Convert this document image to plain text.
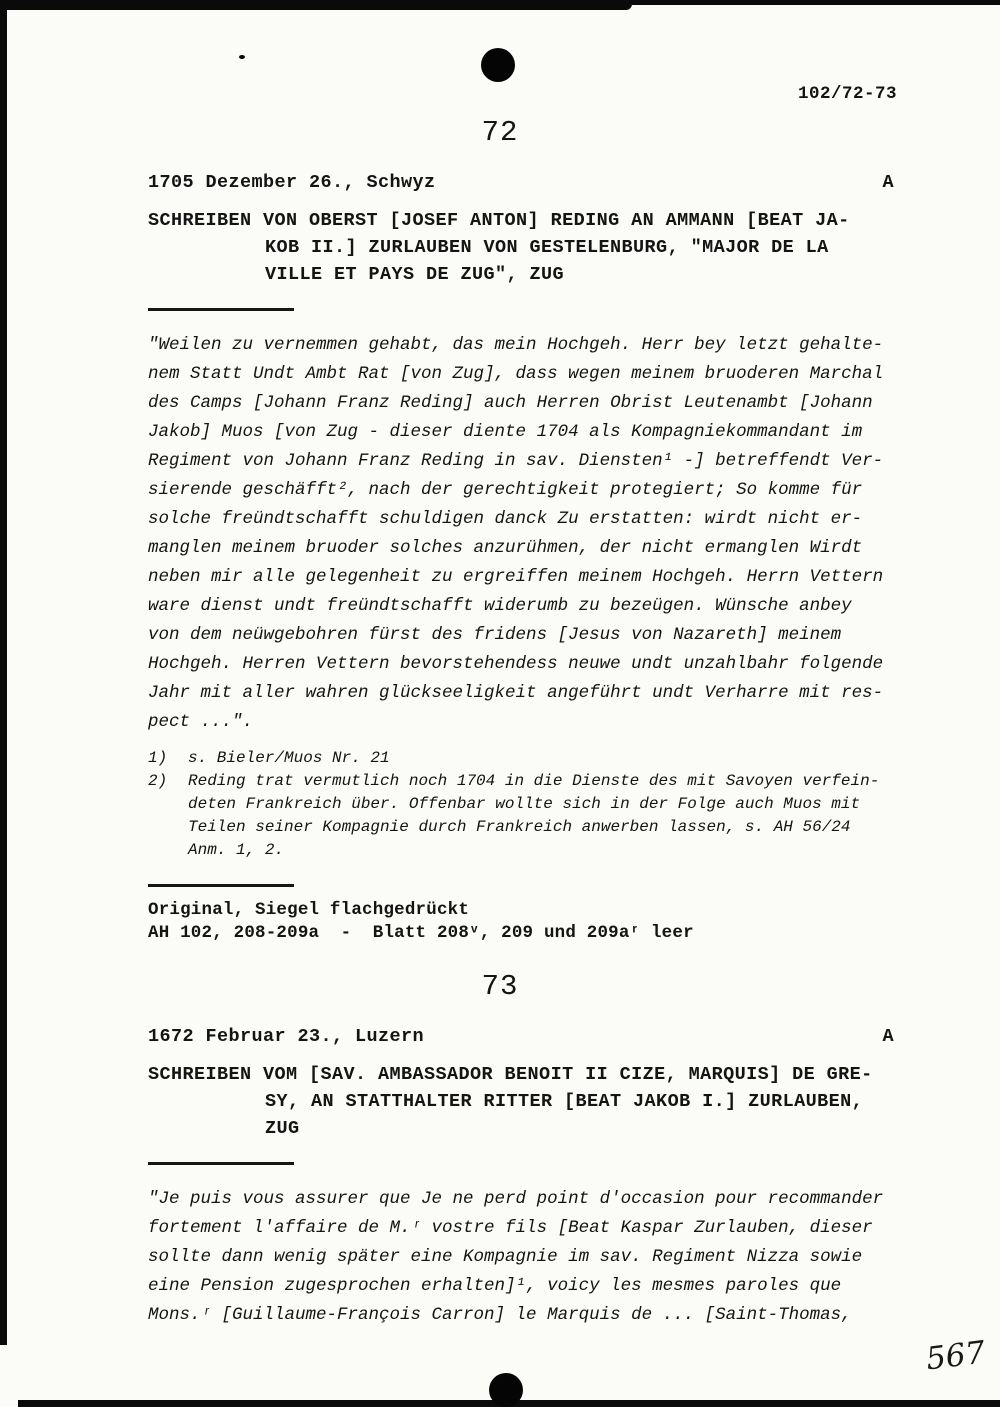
102/72-73
72
1705 Dezember 26., Schwyz	A
SCHREIBEN VON OBERST [JOSEF ANTON] REDING AN AMMANN [BEAT JA-
KOB II.] ZURLAUBEN VON GESTELENBURG, "MAJOR DE LA
VILLE ET PAYS DE ZUG", ZUG
"Weilen zu vernemmen gehabt, das mein Hochgeh. Herr bey letzt gehalte-
nem Statt Undt Ambt Rat [von Zug], dass wegen meinem bruoderen Marchal
des Camps [Johann Franz Reding] auch Herren Obrist Leutenambt [Johann
Jakob] Muos [von Zug - dieser diente 1704 als Kompagniekommandant im
Regiment von Johann Franz Reding in sav. Diensten¹ -] betreffendt Ver-
sierende geschäfft², nach der gerechtigkeit protegiert; So komme für
solche freündtschafft schuldigen danck Zu erstatten: wirdt nicht er-
manglen meinem bruoder solches anzurühmen, der nicht ermanglen Wirdt
neben mir alle gelegenheit zu ergreiffen meinem Hochgeh. Herrn Vettern
ware dienst undt freündtschafft widerumb zu bezeügen. Wünsche anbey
von dem neüwgebohren fürst des fridens [Jesus von Nazareth] meinem
Hochgeh. Herren Vettern bevorstehendess neuwe undt unzahlbahr folgende
Jahr mit aller wahren glückseeligkeit angeführt undt Verharre mit res-
pect ...".
1)	s. Bieler/Muos Nr. 21
2)	Reding trat vermutlich noch 1704 in die Dienste des mit Savoyen verfein-
deten Frankreich über. Offenbar wollte sich in der Folge auch Muos mit
Teilen seiner Kompagnie durch Frankreich anwerben lassen, s. AH 56/24
Anm. 1, 2.
Original, Siegel flachgedrückt
AH 102, 208-209a  -  Blatt 208ᵛ, 209 und 209aʳ leer
73
1672 Februar 23., Luzern	A
SCHREIBEN VOM [SAV. AMBASSADOR BENOIT II CIZE, MARQUIS] DE GRE-
SY, AN STATTHALTER RITTER [BEAT JAKOB I.] ZURLAUBEN,
ZUG
"Je puis vous assurer que Je ne perd point d'occasion pour recommander
fortement l'affaire de M.ʳ vostre fils [Beat Kaspar Zurlauben, dieser
sollte dann wenig später eine Kompagnie im sav. Regiment Nizza sowie
eine Pension zugesprochen erhalten]¹, voicy les mesmes paroles que
Mons.ʳ [Guillaume-François Carron] le Marquis de ... [Saint-Thomas,
567
